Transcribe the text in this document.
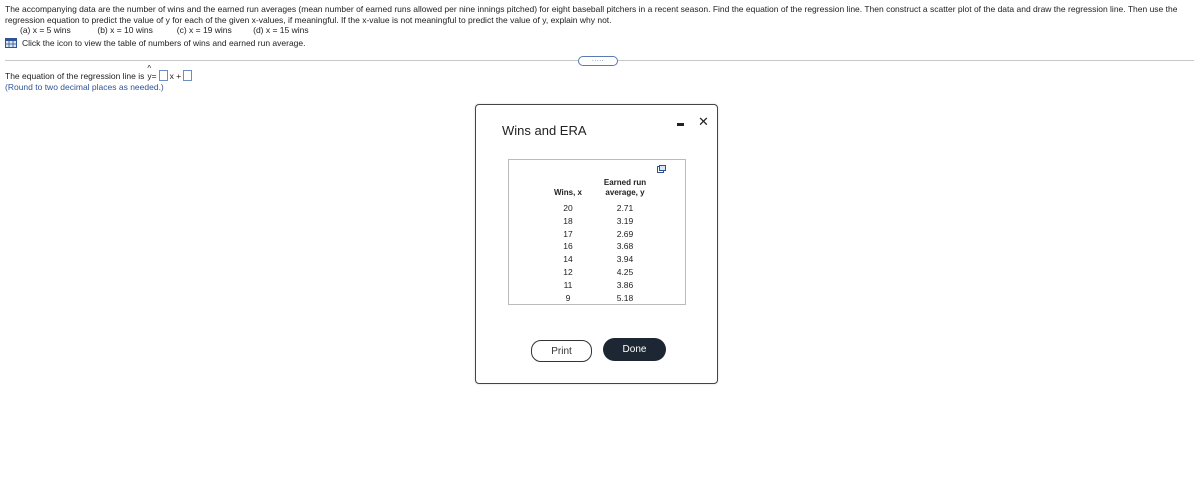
The accompanying data are the number of wins and the earned run averages (mean number of earned runs allowed per nine innings pitched) for eight baseball pitchers in a recent season. Find the equation of the regression line. Then construct a scatter plot of the data and draw the regression line. Then use the regression equation to predict the value of y for each of the given x-values, if meaningful. If the x-value is not meaningful to predict the value of y, explain why not.
(a) x = 5 wins	(b) x = 10 wins	(c) x = 19 wins	(d) x = 15 wins
Click the icon to view the table of numbers of wins and earned run average.
.....
The equation of the regression line is
^ y = x +
(Round to two decimal places as needed.)
Wins and ERA
✕
Wins, x
Earned run
average, y
20
18
17
16
14
12
11
9
2.71
3.19
2.69
3.68
3.94
4.25
3.86
5.18
Print	Done
